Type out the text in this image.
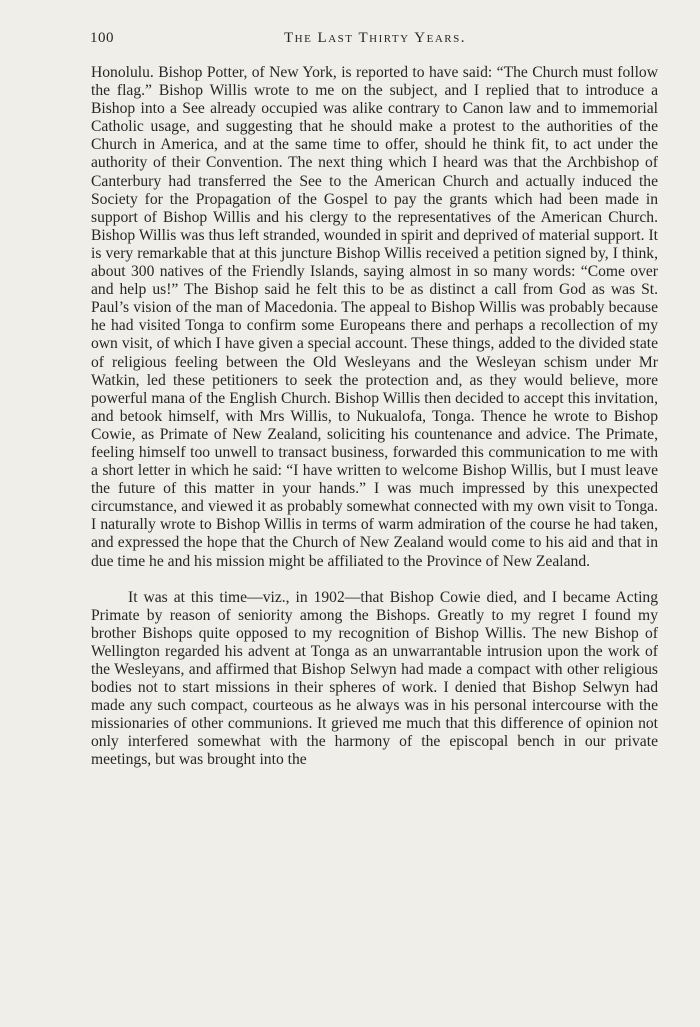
100	The Last Thirty Years.

Honolulu. Bishop Potter, of New York, is reported to have said: “The Church must follow the flag.” Bishop Willis wrote to me on the subject, and I replied that to introduce a Bishop into a See already occupied was alike contrary to Canon law and to immemorial Catholic usage, and suggesting that he should make a protest to the authorities of the Church in America, and at the same time to offer, should he think fit, to act under the authority of their Convention. The next thing which I heard was that the Archbishop of Canterbury had transferred the See to the American Church and actually induced the Society for the Propagation of the Gospel to pay the grants which had been made in support of Bishop Willis and his clergy to the representatives of the American Church. Bishop Willis was thus left stranded, wounded in spirit and deprived of material support. It is very remarkable that at this juncture Bishop Willis received a petition signed by, I think, about 300 natives of the Friendly Islands, saying almost in so many words: “Come over and help us!” The Bishop said he felt this to be as distinct a call from God as was St. Paul’s vision of the man of Macedonia. The appeal to Bishop Willis was probably because he had visited Tonga to confirm some Europeans there and perhaps a recollection of my own visit, of which I have given a special account. These things, added to the divided state of religious feeling between the Old Wesleyans and the Wesleyan schism under Mr Watkin, led these petitioners to seek the protection and, as they would believe, more powerful mana of the English Church. Bishop Willis then decided to accept this invitation, and betook himself, with Mrs Willis, to Nukualofa, Tonga. Thence he wrote to Bishop Cowie, as Primate of New Zealand, soliciting his countenance and advice. The Primate, feeling himself too unwell to transact business, forwarded this communication to me with a short letter in which he said: “I have written to welcome Bishop Willis, but I must leave the future of this matter in your hands.” I was much impressed by this unexpected circumstance, and viewed it as probably somewhat connected with my own visit to Tonga. I naturally wrote to Bishop Willis in terms of warm admiration of the course he had taken, and expressed the hope that the Church of New Zealand would come to his aid and that in due time he and his mission might be affiliated to the Province of New Zealand.

It was at this time—viz., in 1902—that Bishop Cowie died, and I became Acting Primate by reason of seniority among the Bishops. Greatly to my regret I found my brother Bishops quite opposed to my recognition of Bishop Willis. The new Bishop of Wellington regarded his advent at Tonga as an unwarrantable intrusion upon the work of the Wesleyans, and affirmed that Bishop Selwyn had made a compact with other religious bodies not to start missions in their spheres of work. I denied that Bishop Selwyn had made any such compact, courteous as he always was in his personal intercourse with the missionaries of other communions. It grieved me much that this difference of opinion not only interfered somewhat with the harmony of the episcopal bench in our private meetings, but was brought into the
